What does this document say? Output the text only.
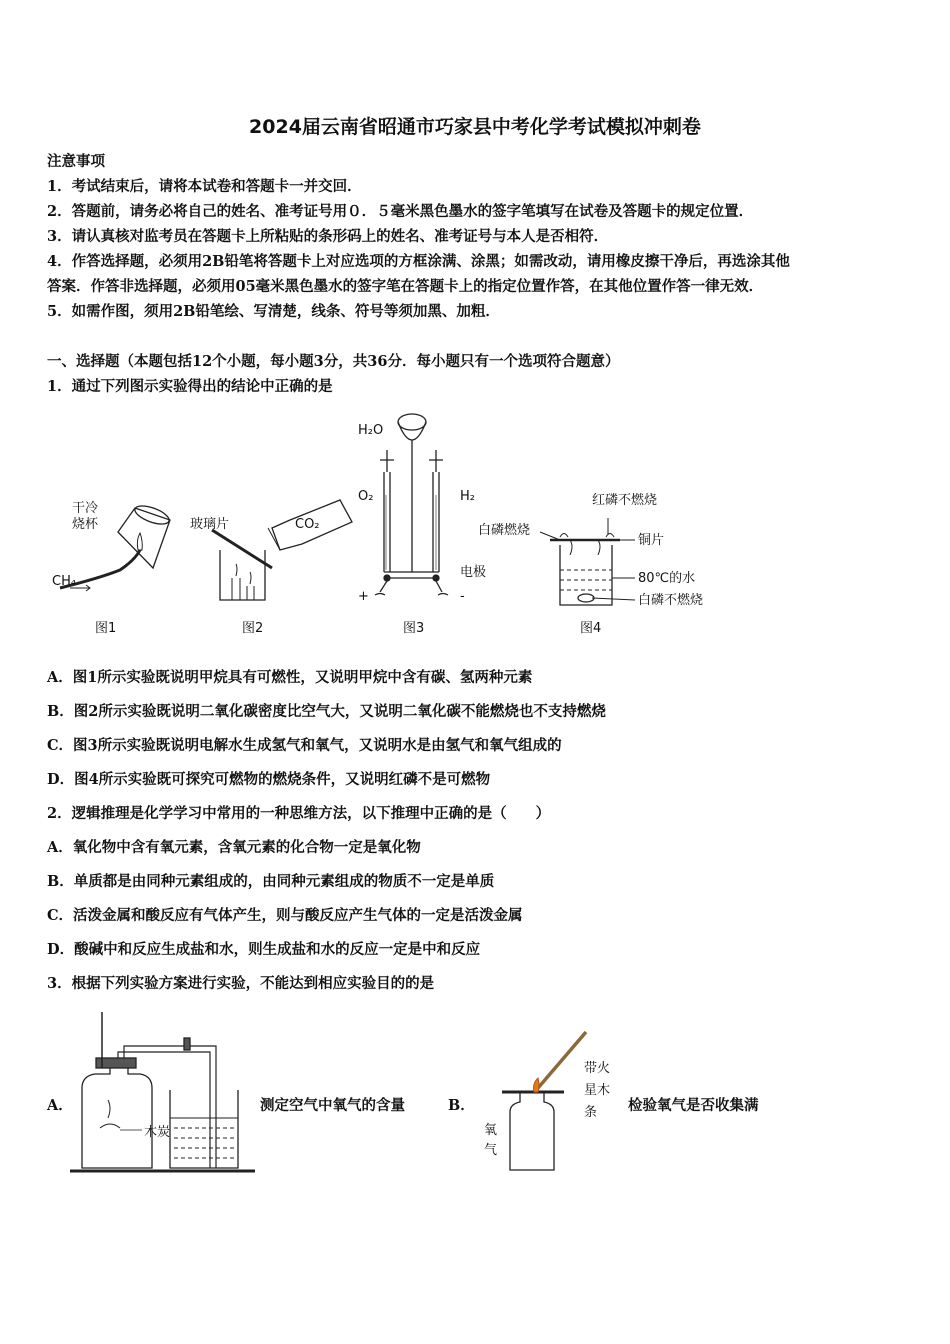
2024届云南省昭通市巧家县中考化学考试模拟冲刺卷
注意事项
1．考试结束后，请将本试卷和答题卡一并交回．
2．答题前，请务必将自己的姓名、准考证号用０．５毫米黑色墨水的签字笔填写在试卷及答题卡的规定位置．
3．请认真核对监考员在答题卡上所粘贴的条形码上的姓名、准考证号与本人是否相符．
4．作答选择题，必须用2B铅笔将答题卡上对应选项的方框涂满、涂黑；如需改动，请用橡皮擦干净后，再选涂其他
答案．作答非选择题，必须用05毫米黑色墨水的签字笔在答题卡上的指定位置作答，在其他位置作答一律无效．
5．如需作图，须用2B铅笔绘、写清楚，线条、符号等须加黑、加粗．
一、选择题（本题包括12个小题，每小题3分，共36分．每小题只有一个选项符合题意）
1．通过下列图示实验得出的结论中正确的是
干冷
烧杯
CH₄
玻璃片	CO₂
H₂O
O₂	H₂
电极
+	-
红磷不燃烧
白磷燃烧
铜片
80℃的水
白磷不燃烧
图1	图2	图3	图4
A．图1所示实验既说明甲烷具有可燃性，又说明甲烷中含有碳、氢两种元素
B．图2所示实验既说明二氧化碳密度比空气大，又说明二氧化碳不能燃烧也不支持燃烧
C．图3所示实验既说明电解水生成氢气和氧气，又说明水是由氢气和氧气组成的
D．图4所示实验既可探究可燃物的燃烧条件，又说明红磷不是可燃物
2．逻辑推理是化学学习中常用的一种思维方法，以下推理中正确的是（　　）
A．氧化物中含有氧元素，含氧元素的化合物一定是氧化物
B．单质都是由同种元素组成的，由同种元素组成的物质不一定是单质
C．活泼金属和酸反应有气体产生，则与酸反应产生气体的一定是活泼金属
D．酸碱中和反应生成盐和水，则生成盐和水的反应一定是中和反应
3．根据下列实验方案进行实验，不能达到相应实验目的的是
A．
木炭
测定空气中氧气的含量	B．
带火
星木
条
氧
气
检验氧气是否收集满
